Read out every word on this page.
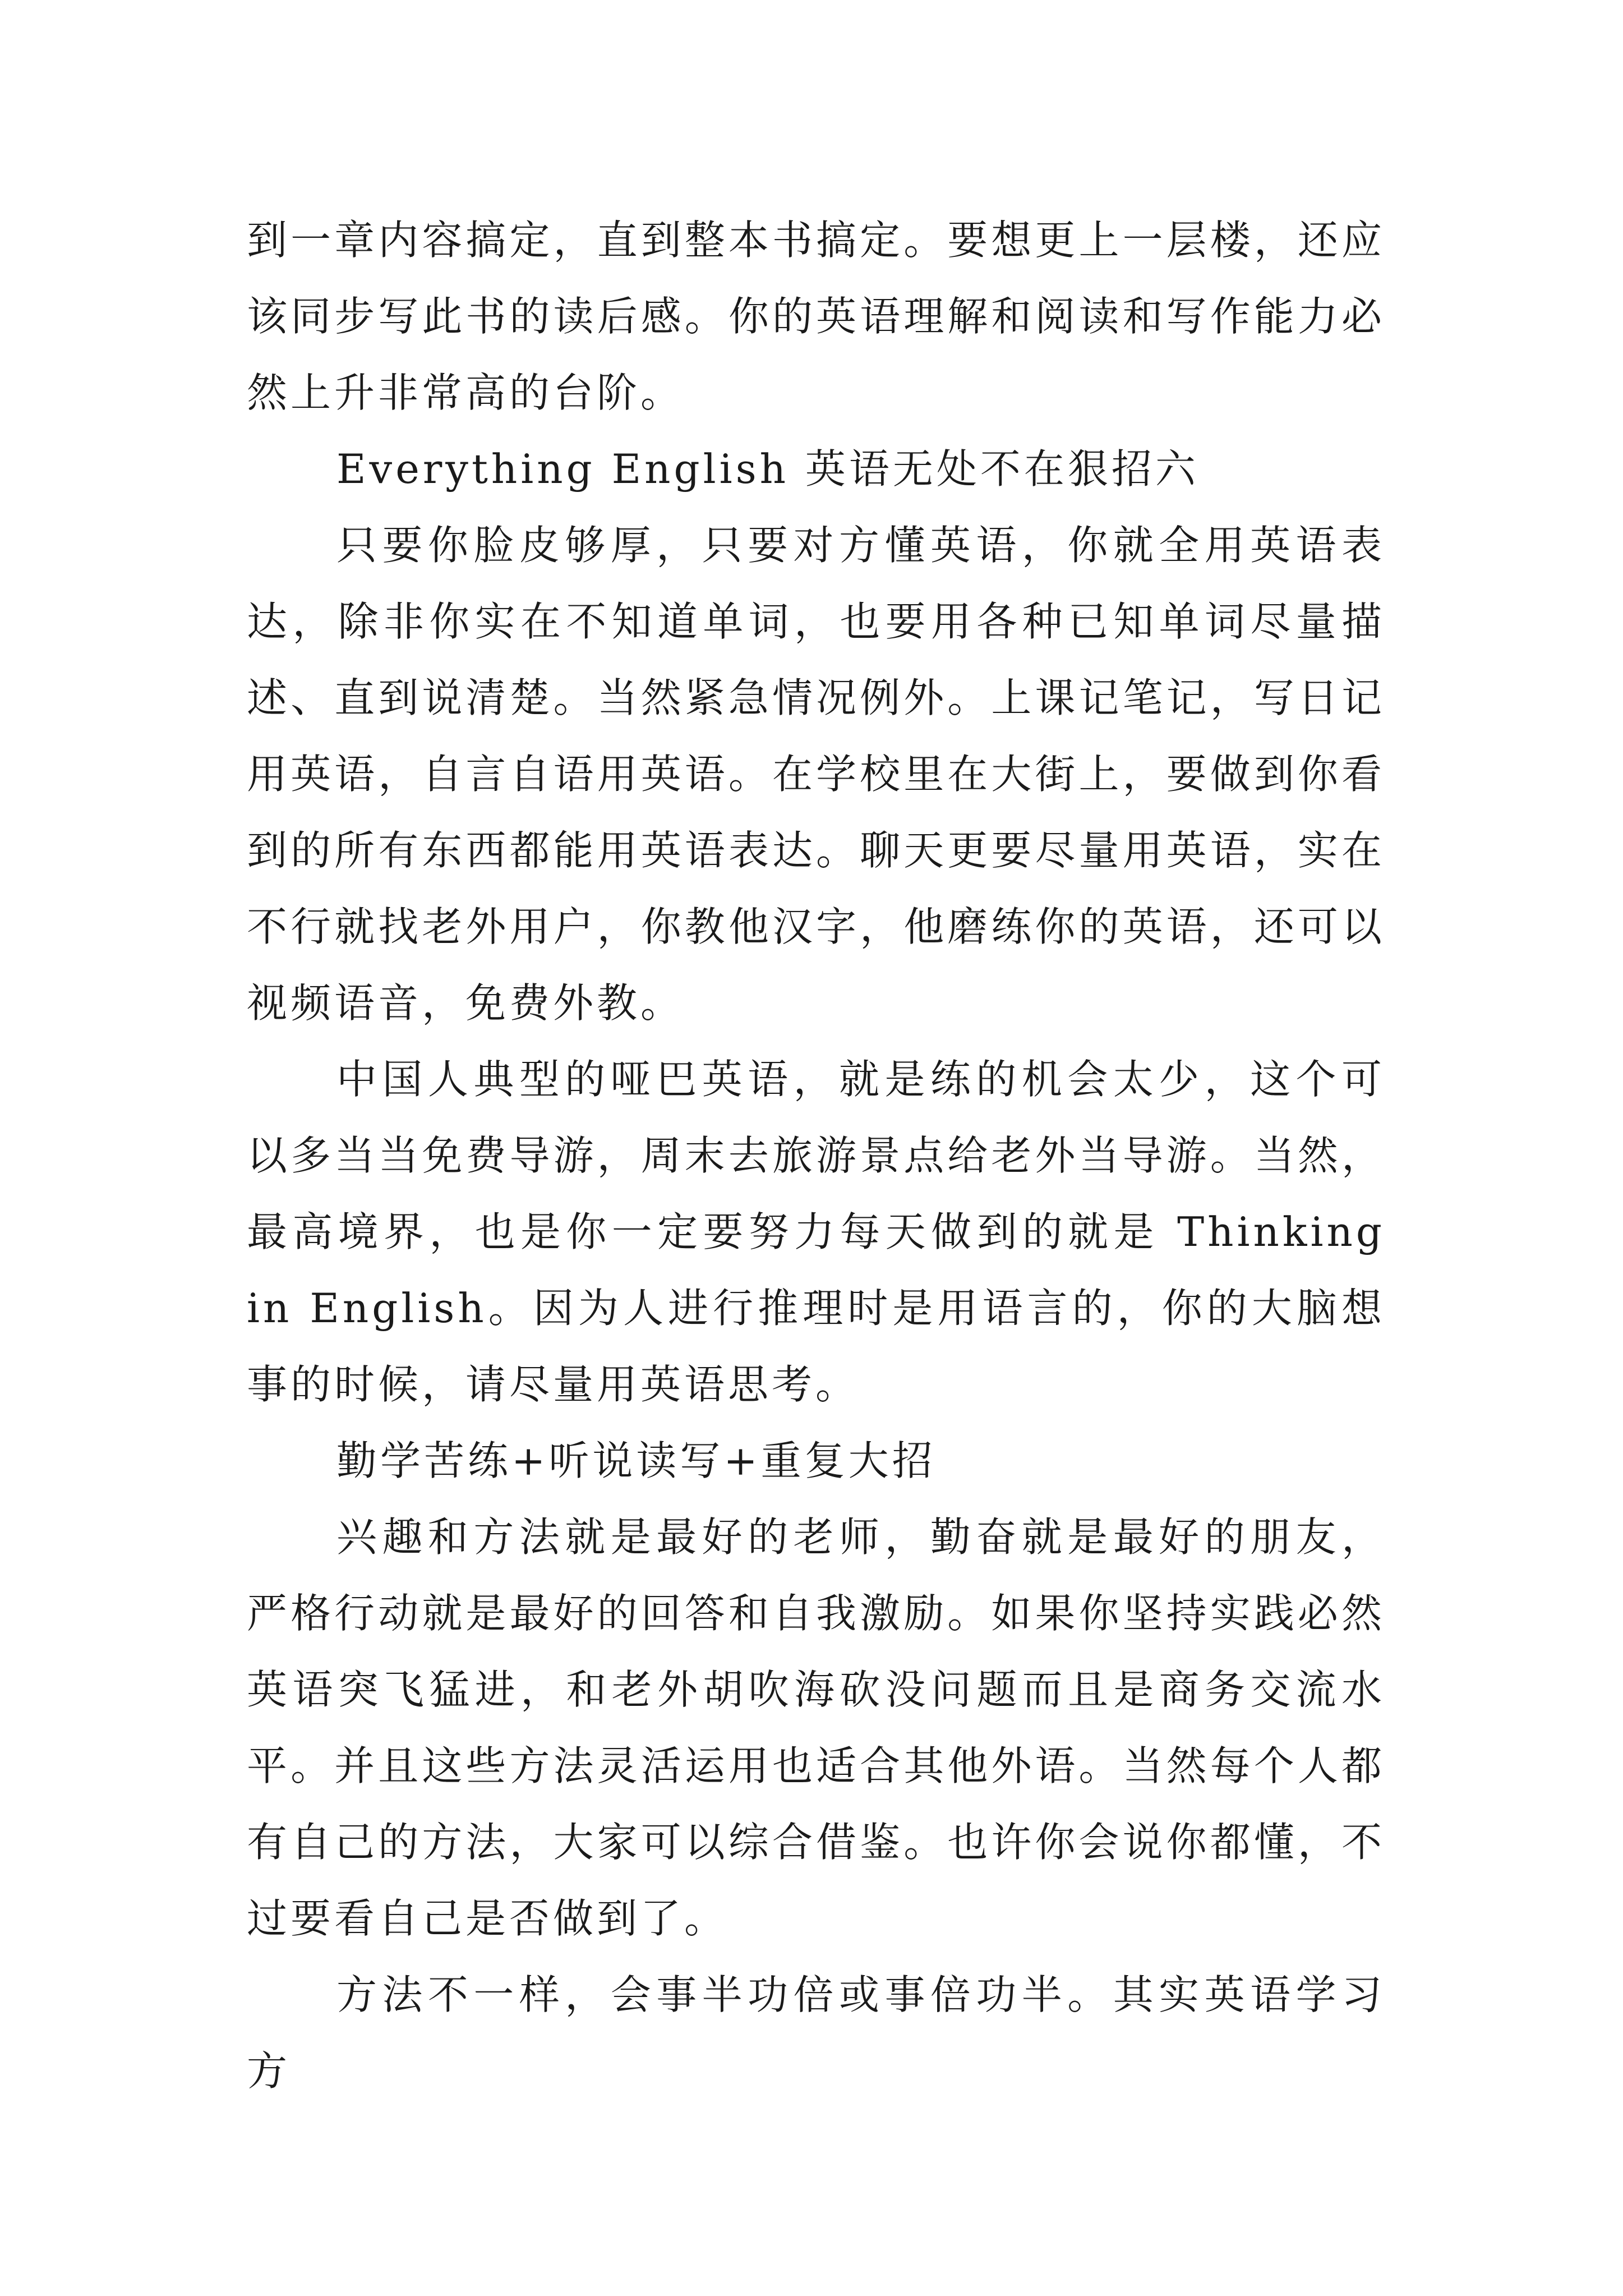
到一章内容搞定，直到整本书搞定。要想更上一层楼，还应该同步写此书的读后感。你的英语理解和阅读和写作能力必然上升非常高的台阶。

Everything English 英语无处不在狠招六

只要你脸皮够厚，只要对方懂英语，你就全用英语表达，除非你实在不知道单词，也要用各种已知单词尽量描述、直到说清楚。当然紧急情况例外。上课记笔记，写日记用英语，自言自语用英语。在学校里在大街上，要做到你看到的所有东西都能用英语表达。聊天更要尽量用英语，实在不行就找老外用户，你教他汉字，他磨练你的英语，还可以视频语音，免费外教。

中国人典型的哑巴英语，就是练的机会太少，这个可以多当当免费导游，周末去旅游景点给老外当导游。当然，最高境界，也是你一定要努力每天做到的就是 Thinking in English。因为人进行推理时是用语言的，你的大脑想事的时候，请尽量用英语思考。

勤学苦练+听说读写+重复大招

兴趣和方法就是最好的老师，勤奋就是最好的朋友，严格行动就是最好的回答和自我激励。如果你坚持实践必然英语突飞猛进，和老外胡吹海砍没问题而且是商务交流水平。并且这些方法灵活运用也适合其他外语。当然每个人都有自己的方法，大家可以综合借鉴。也许你会说你都懂，不过要看自己是否做到了。

方法不一样，会事半功倍或事倍功半。其实英语学习方
